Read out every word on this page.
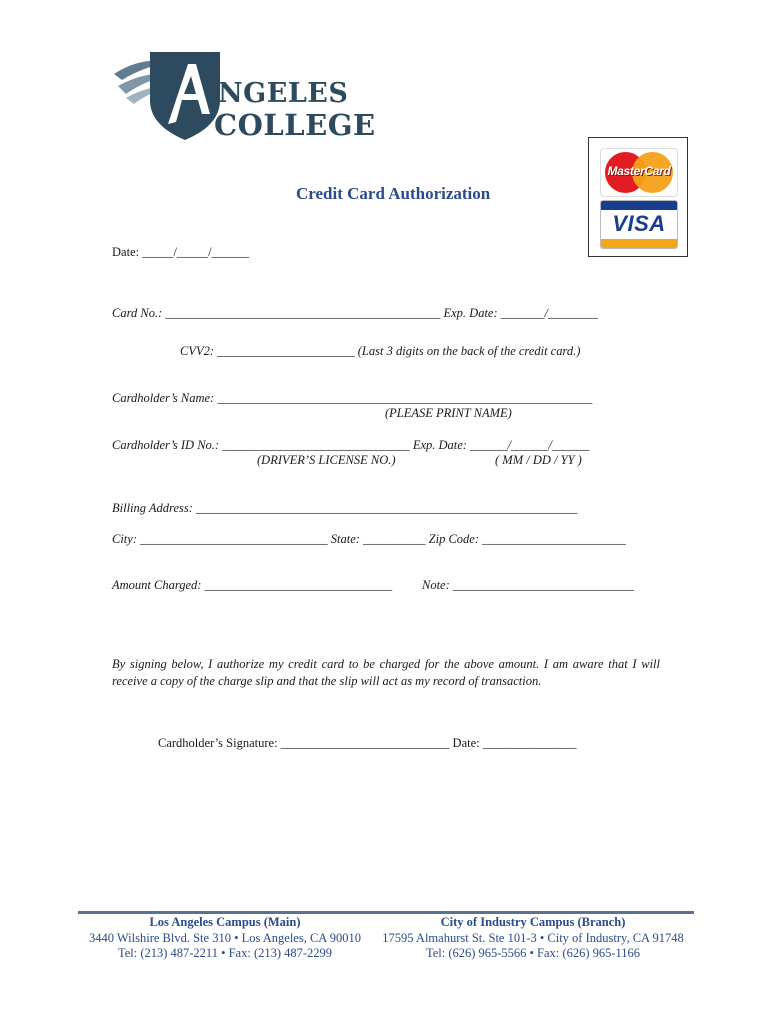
A NGELES
COLLEGE
MasterCard
VISA
Credit Card Authorization
Date: _____/_____/______
Card No.: ____________________________________________ Exp. Date: _______/________
CVV2: ______________________ (Last 3 digits on the back of the credit card.)
Cardholder’s Name: ____________________________________________________________
(PLEASE PRINT NAME)
Cardholder’s ID No.: ______________________________ Exp. Date: ______/______/______
(DRIVER’S LICENSE NO.)	( MM / DD / YY )
Billing Address: _____________________________________________________________
City: ______________________________ State: __________ Zip Code: _______________________
Amount Charged: ______________________________ Note: _____________________________
By signing below, I authorize my credit card to be charged for the above amount. I am aware that I will receive a copy of the charge slip and that the slip will act as my record of transaction.
Cardholder’s Signature: ___________________________ Date: _______________
Los Angeles Campus (Main)
3440 Wilshire Blvd. Ste 310 • Los Angeles, CA 90010
Tel: (213) 487-2211 • Fax: (213) 487-2299
City of Industry Campus (Branch)
17595 Almahurst St. Ste 101-3 • City of Industry, CA 91748
Tel: (626) 965-5566 • Fax: (626) 965-1166
